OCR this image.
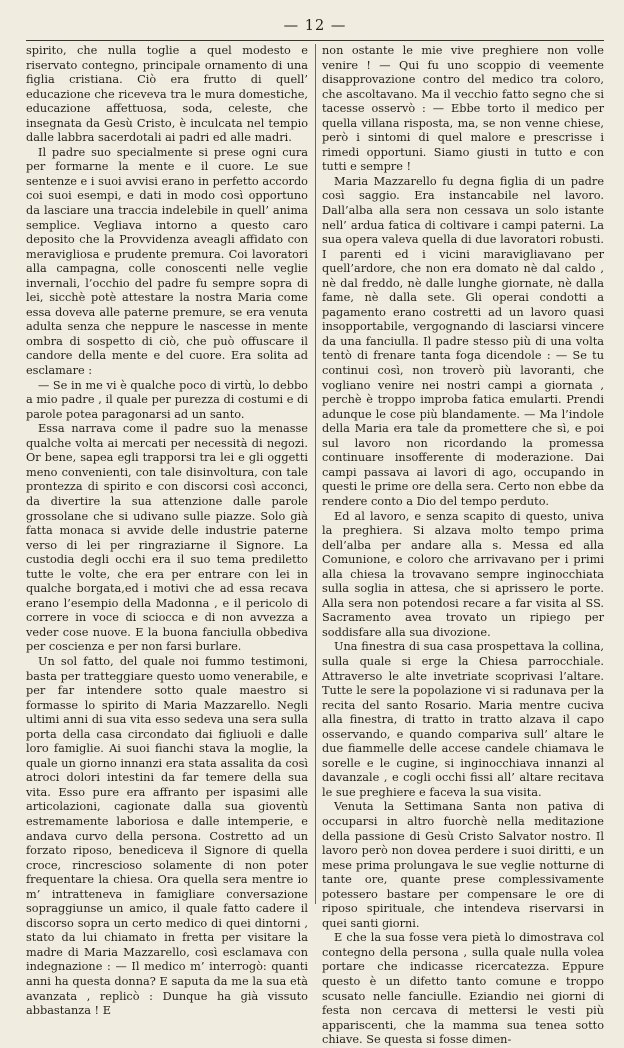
— 12 —

spirito, che nulla toglie a quel modesto e riservato contegno, principale ornamento di una figlia cristiana. Ciò era frutto di quell’ educazione che riceveva tra le mura domestiche, educazione affettuosa, soda, celeste, che insegnata da Gesù Cristo, è inculcata nel tempio dalle labbra sacerdotali ai padri ed alle madri.

Il padre suo specialmente si prese ogni cura per formarne la mente e il cuore. Le sue sentenze e i suoi avvisi erano in perfetto accordo coi suoi esempi, e dati in modo così opportuno da lasciare una traccia indelebile in quell’ anima semplice. Vegliava intorno a questo caro deposito che la Provvidenza aveagli affidato con meravigliosa e prudente premura. Coi lavoratori alla campagna, colle conoscenti nelle veglie invernali, l’occhio del padre fu sempre sopra di lei, sicchè potè attestare la nostra Maria come essa doveva alle paterne premure, se era venuta adulta senza che neppure le nascesse in mente ombra di sospetto di ciò, che può offuscare il candore della mente e del cuore. Era solita ad esclamare :

— Se in me vi è qualche poco di virtù, lo debbo a mio padre , il quale per purezza di costumi e di parole potea paragonarsi ad un santo.

Essa narrava come il padre suo la menasse qualche volta ai mercati per necessità di negozi. Or bene, sapea egli trapporsi tra lei e gli oggetti meno convenienti, con tale disinvoltura, con tale prontezza di spirito e con discorsi così acconci, da divertire la sua attenzione dalle parole grossolane che si udivano sulle piazze. Solo già fatta monaca si avvide delle industrie paterne verso di lei per ringraziarne il Signore. La custodia degli occhi era il suo tema prediletto tutte le volte, che era per entrare con lei in qualche borgata,ed i motivi che ad essa recava erano l’esempio della Madonna , e il pericolo di correre in voce di sciocca e di non avvezza a veder cose nuove. E la buona fanciulla obbediva per coscienza e per non farsi burlare.

Un sol fatto, del quale noi fummo testimoni, basta per tratteggiare questo uomo venerabile, e per far intendere sotto quale maestro si formasse lo spirito di Maria Mazzarello. Negli ultimi anni di sua vita esso sedeva una sera sulla porta della casa circondato dai figliuoli e dalle loro famiglie. Ai suoi fianchi stava la moglie, la quale un giorno innanzi era stata assalita da così atroci dolori intestini da far temere della sua vita. Esso pure era affranto per ispasimi alle articolazioni, cagionate dalla sua gioventù estremamente laboriosa e dalle intemperie, e andava curvo della persona. Costretto ad un forzato riposo, benediceva il Signore di quella croce, rincrescioso solamente di non poter frequentare la chiesa. Ora quella sera mentre io m’ intratteneva in famigliare conversazione sopraggiunse un amico, il quale fatto cadere il discorso sopra un certo medico di quei dintorni , stato da lui chiamato in fretta per visitare la madre di Maria Mazzarello, così esclamava con indegnazione : — Il medico m’ interrogò: quanti anni ha questa donna? E saputa da me la sua età avanzata , replicò : Dunque ha già vissuto abbastanza ! E

non ostante le mie vive preghiere non volle venire ! — Qui fu uno scoppio di veemente disapprovazione contro del medico tra coloro, che ascoltavano. Ma il vecchio fatto segno che si tacesse osservò : — Ebbe torto il medico per quella villana risposta, ma, se non venne chiese, però i sintomi di quel malore e prescrisse i rimedi opportuni. Siamo giusti in tutto e con tutti e sempre !

Maria Mazzarello fu degna figlia di un padre così saggio. Era instancabile nel lavoro. Dall’alba alla sera non cessava un solo istante nell’ ardua fatica di coltivare i campi paterni. La sua opera valeva quella di due lavoratori robusti. I parenti ed i vicini maravigliavano per quell’ardore, che non era domato nè dal caldo , nè dal freddo, nè dalle lunghe giornate, nè dalla fame, nè dalla sete. Gli operai condotti a pagamento erano costretti ad un lavoro quasi insopportabile, vergognando di lasciarsi vincere da una fanciulla. Il padre stesso più di una volta tentò di frenare tanta foga dicendole : — Se tu continui così, non troverò più lavoranti, che vogliano venire nei nostri campi a giornata , perchè è troppo improba fatica emularti. Prendi adunque le cose più blandamente. — Ma l’indole della Maria era tale da promettere che sì, e poi sul lavoro non ricordando la promessa continuare insofferente di moderazione. Dai campi passava ai lavori di ago, occupando in questi le prime ore della sera. Certo non ebbe da rendere conto a Dio del tempo perduto.

Ed al lavoro, e senza scapito di questo, univa la preghiera. Si alzava molto tempo prima dell’alba per andare alla s. Messa ed alla Comunione, e coloro che arrivavano per i primi alla chiesa la trovavano sempre inginocchiata sulla soglia in attesa, che si aprissero le porte. Alla sera non potendosi recare a far visita al SS. Sacramento avea trovato un ripiego per soddisfare alla sua divozione.

Una finestra di sua casa prospettava la collina, sulla quale si erge la Chiesa parrocchiale. Attraverso le alte invetriate scoprivasi l’altare. Tutte le sere la popolazione vi si radunava per la recita del santo Rosario. Maria mentre cuciva alla finestra, di tratto in tratto alzava il capo osservando, e quando compariva sull’ altare le due fiammelle delle accese candele chiamava le sorelle e le cugine, si inginocchiava innanzi al davanzale , e cogli occhi fissi all’ altare recitava le sue preghiere e faceva la sua visita.

Venuta la Settimana Santa non pativa di occuparsi in altro fuorchè nella meditazione della passione di Gesù Cristo Salvator nostro. Il lavoro però non dovea perdere i suoi diritti, e un mese prima prolungava le sue veglie notturne di tante ore, quante prese complessivamente potessero bastare per compensare le ore di riposo spirituale, che intendeva riservarsi in quei santi giorni.

E che la sua fosse vera pietà lo dimostrava col contegno della persona , sulla quale nulla volea portare che indicasse ricercatezza. Eppure questo è un difetto tanto comune e troppo scusato nelle fanciulle. Eziandio nei giorni di festa non cercava di mettersi le vesti più appariscenti, che la mamma sua tenea sotto chiave. Se questa si fosse dimen-
